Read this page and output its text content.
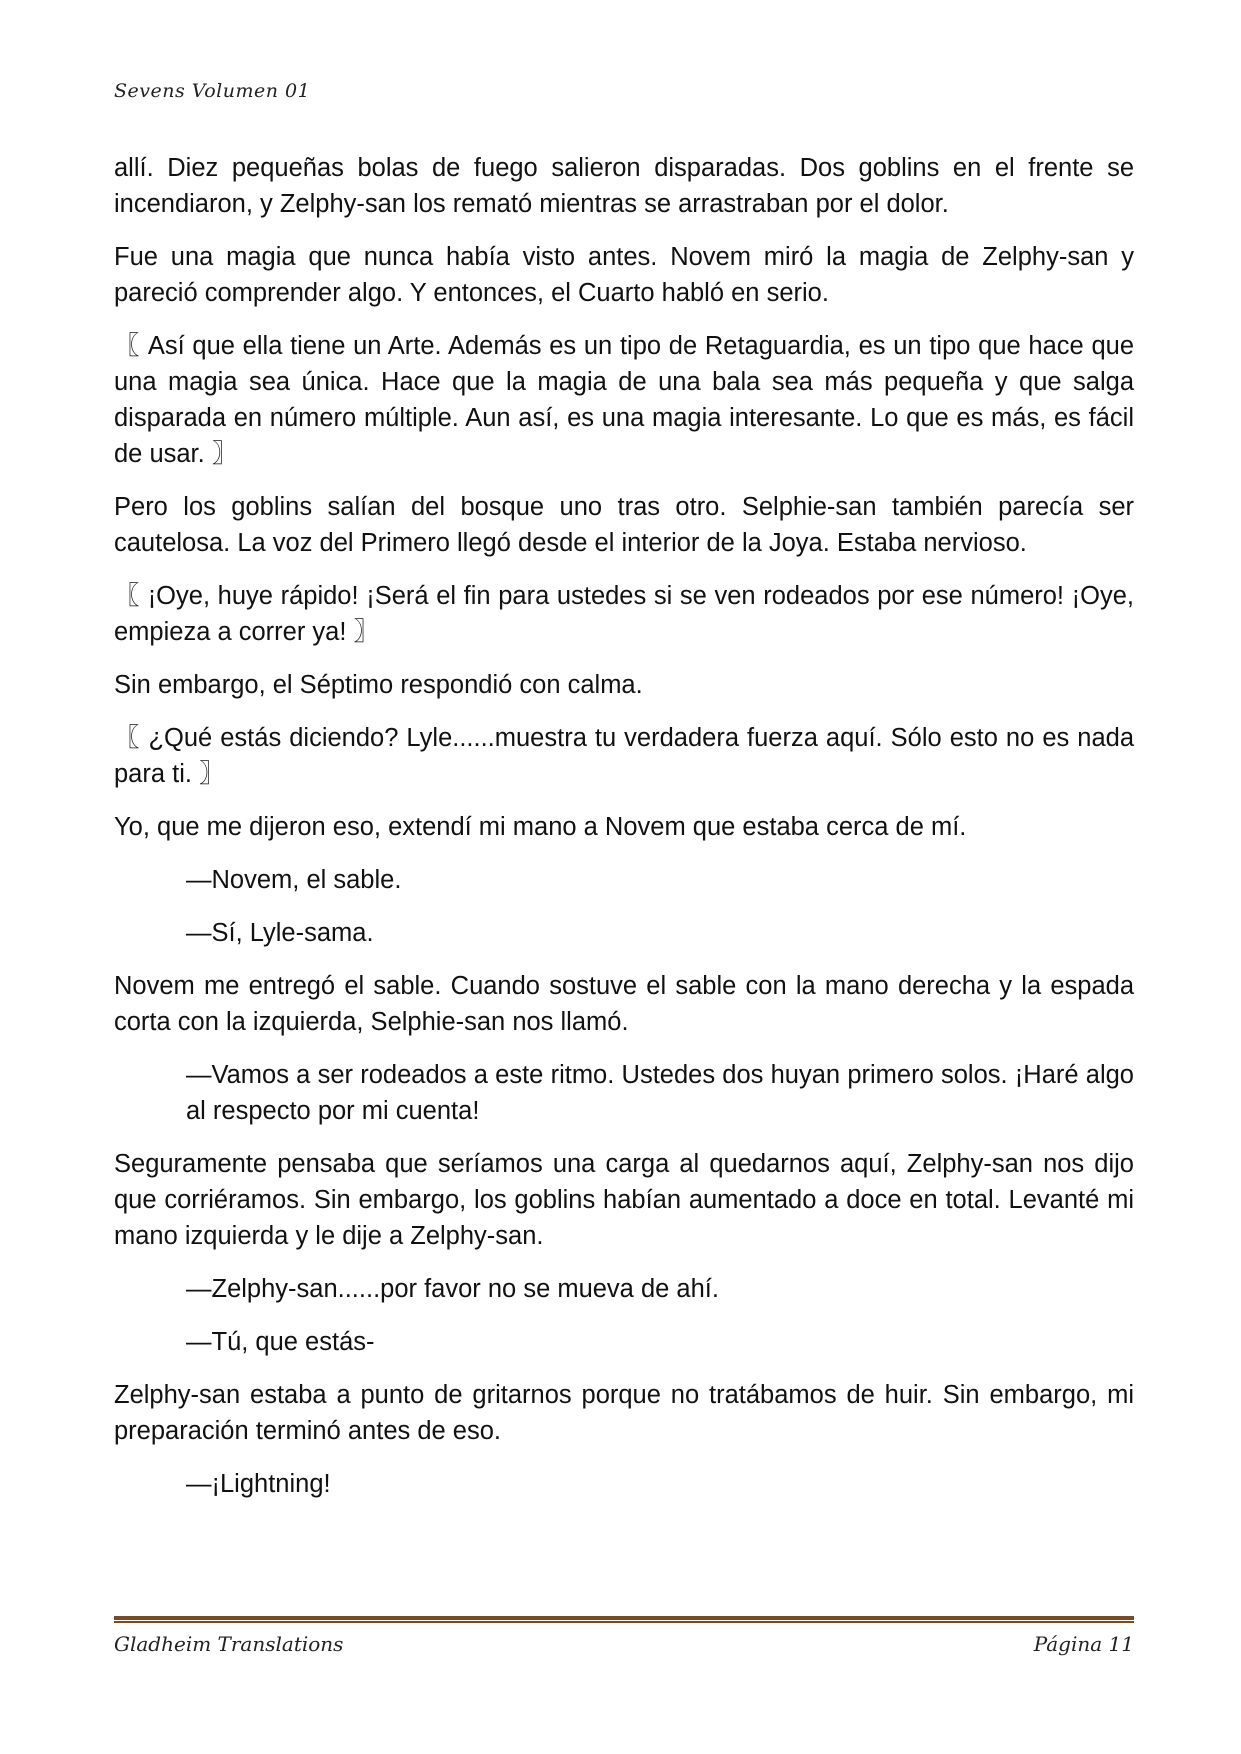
Sevens Volumen 01

allí. Diez pequeñas bolas de fuego salieron disparadas. Dos goblins en el frente se incendiaron, y Zelphy-san los remató mientras se arrastraban por el dolor.

Fue una magia que nunca había visto antes. Novem miró la magia de Zelphy-san y pareció comprender algo. Y entonces, el Cuarto habló en serio.

〖 Así que ella tiene un Arte. Además es un tipo de Retaguardia, es un tipo que hace que una magia sea única. Hace que la magia de una bala sea más pequeña y que salga disparada en número múltiple. Aun así, es una magia interesante. Lo que es más, es fácil de usar. 〗

Pero los goblins salían del bosque uno tras otro. Selphie-san también parecía ser cautelosa. La voz del Primero llegó desde el interior de la Joya. Estaba nervioso.

〖 ¡Oye, huye rápido! ¡Será el fin para ustedes si se ven rodeados por ese número! ¡Oye, empieza a correr ya! 〗

Sin embargo, el Séptimo respondió con calma.

〖 ¿Qué estás diciendo? Lyle......muestra tu verdadera fuerza aquí. Sólo esto no es nada para ti. 〗

Yo, que me dijeron eso, extendí mi mano a Novem que estaba cerca de mí.

—Novem, el sable.

—Sí, Lyle-sama.

Novem me entregó el sable. Cuando sostuve el sable con la mano derecha y la espada corta con la izquierda, Selphie-san nos llamó.

—Vamos a ser rodeados a este ritmo. Ustedes dos huyan primero solos. ¡Haré algo al respecto por mi cuenta!

Seguramente pensaba que seríamos una carga al quedarnos aquí, Zelphy-san nos dijo que corriéramos. Sin embargo, los goblins habían aumentado a doce en total. Levanté mi mano izquierda y le dije a Zelphy-san.

—Zelphy-san......por favor no se mueva de ahí.

—Tú, que estás-

Zelphy-san estaba a punto de gritarnos porque no tratábamos de huir. Sin embargo, mi preparación terminó antes de eso.

—¡Lightning!

Gladheim Translations	Página 11
